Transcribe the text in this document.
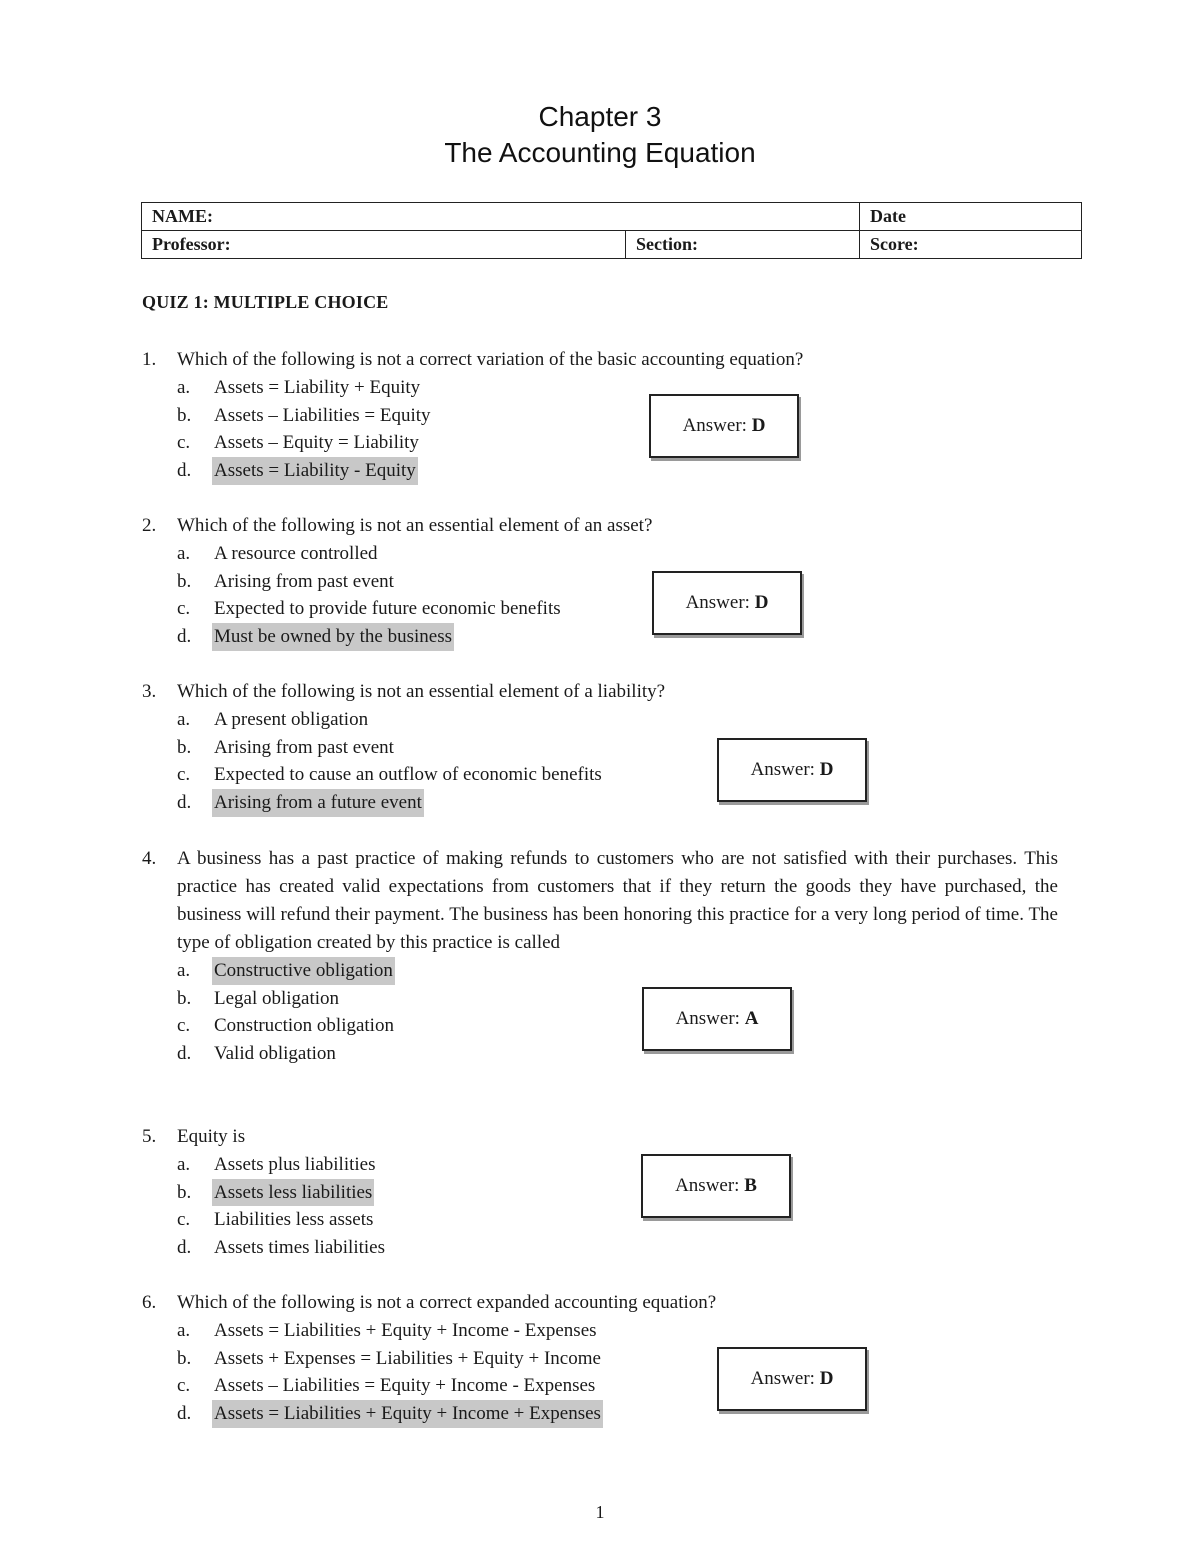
Chapter 3
The Accounting Equation
NAME:		Date
Professor:	Section:	Score:
QUIZ 1: MULTIPLE CHOICE
1. Which of the following is not a correct variation of the basic accounting equation?
a. Assets = Liability + Equity
b. Assets – Liabilities = Equity
c. Assets – Equity = Liability
d. Assets = Liability - Equity
Answer: D
2. Which of the following is not an essential element of an asset?
a. A resource controlled
b. Arising from past event
c. Expected to provide future economic benefits
d. Must be owned by the business
Answer: D
3. Which of the following is not an essential element of a liability?
a. A present obligation
b. Arising from past event
c. Expected to cause an outflow of economic benefits
d. Arising from a future event
Answer: D
4. A business has a past practice of making refunds to customers who are not satisfied with their purchases. This practice has created valid expectations from customers that if they return the goods they have purchased, the business will refund their payment. The business has been honoring this practice for a very long period of time. The type of obligation created by this practice is called
a. Constructive obligation
b. Legal obligation
c. Construction obligation
d. Valid obligation
Answer: A
5. Equity is
a. Assets plus liabilities
b. Assets less liabilities
c. Liabilities less assets
d. Assets times liabilities
Answer: B
6. Which of the following is not a correct expanded accounting equation?
a. Assets = Liabilities + Equity + Income - Expenses
b. Assets + Expenses = Liabilities + Equity + Income
c. Assets – Liabilities = Equity + Income - Expenses
d. Assets = Liabilities + Equity + Income + Expenses
Answer: D
1
